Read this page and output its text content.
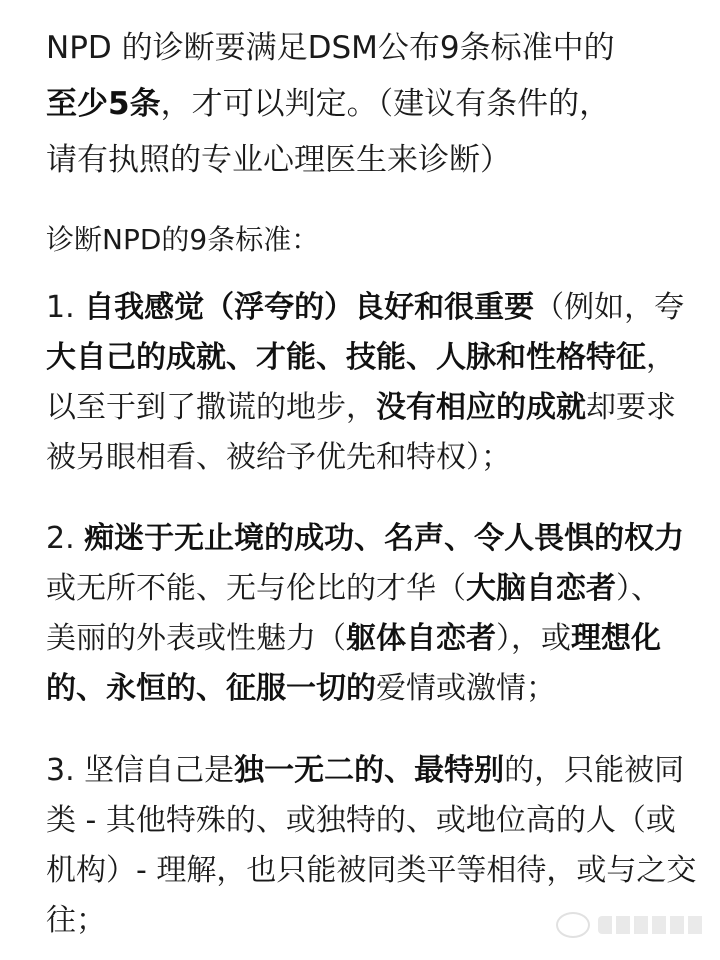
NPD 的诊断要满足DSM公布9条标准中的
至少5条，才可以判定。（建议有条件的，
请有执照的专业心理医生来诊断）

诊断NPD的9条标准：

1. 自我感觉（浮夸的）良好和很重要（例如，夸
大自己的成就、才能、技能、人脉和性格特征，
以至于到了撒谎的地步，没有相应的成就却要求
被另眼相看、被给予优先和特权）；

2. 痴迷于无止境的成功、名声、令人畏惧的权力
或无所不能、无与伦比的才华（大脑自恋者）、
美丽的外表或性魅力（躯体自恋者），或理想化
的、永恒的、征服一切的爱情或激情；

3. 坚信自己是独一无二的、最特别的，只能被同
类 - 其他特殊的、或独特的、或地位高的人（或
机构）- 理解，也只能被同类平等相待，或与之交
往；
